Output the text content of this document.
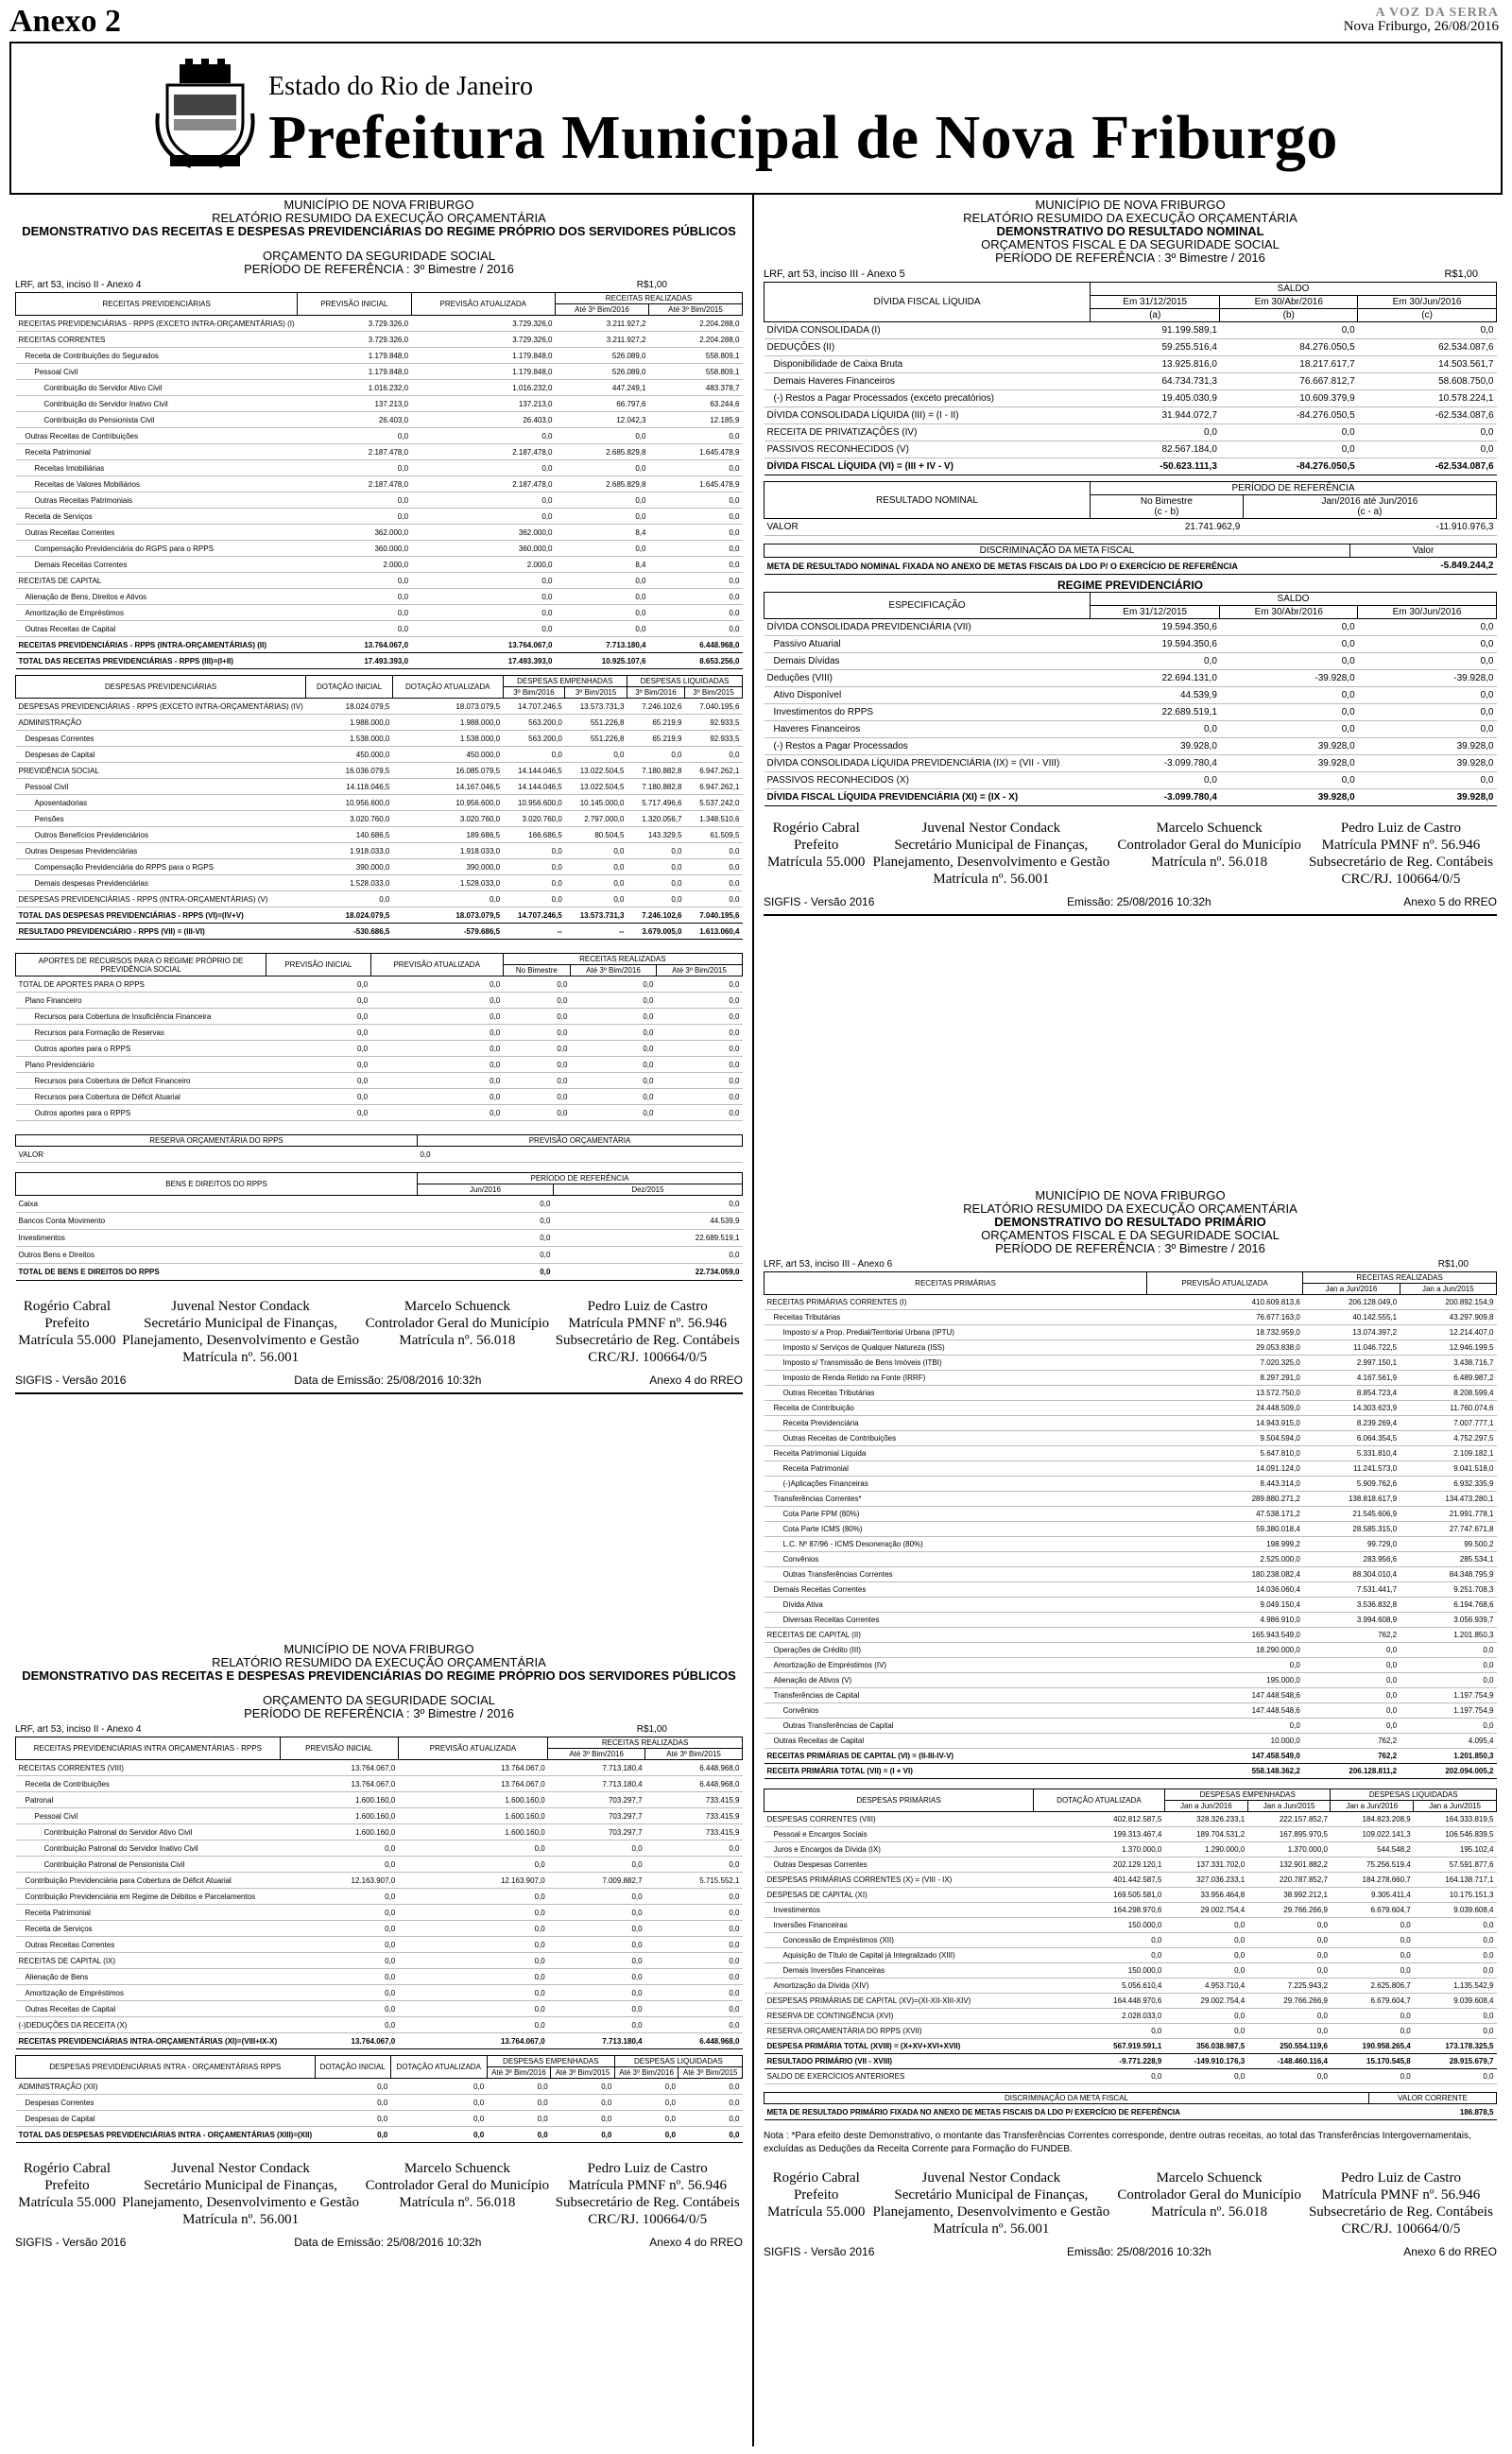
Anexo 2	A VOZ DA SERRA
Nova Friburgo, 26/08/2016
Estado do Rio de Janeiro
Prefeitura Municipal de Nova Friburgo
MUNICÍPIO DE NOVA FRIBURGO
RELATÓRIO RESUMIDO DA EXECUÇÃO ORÇAMENTÁRIA
DEMONSTRATIVO DAS RECEITAS E DESPESAS PREVIDENCIÁRIAS DO REGIME PRÓPRIO DOS SERVIDORES PÚBLICOS
ORÇAMENTO DA SEGURIDADE SOCIAL
PERÍODO DE REFERÊNCIA : 3º Bimestre / 2016
LRF, art 53, inciso II - Anexo 4	R$1,00
RECEITAS PREVIDENCIÁRIAS	PREVISÃO INICIAL	PREVISÃO ATUALIZADA	RECEITAS REALIZADAS	
			Até 3º Bim/2016	Até 3º Bim/2015
RECEITAS PREVIDENCIÁRIAS - RPPS (EXCETO INTRA-ORÇAMENTÁRIAS) (I)	3.729.326,0	3.729.326,0	3.211.927,2	2.204.288,0
RECEITAS CORRENTES	3.729.326,0	3.729.326,0	3.211.927,2	2.204.288,0
Receita de Contribuições do Segurados	1.179.848,0	1.179.848,0	526.089,0	558.809,1
Pessoal Civil	1.179.848,0	1.179.848,0	526.089,0	558.809,1
Contribuição do Servidor Ativo Civil	1.016.232,0	1.016.232,0	447.249,1	483.378,7
Contribuição do Servidor Inativo Civil	137.213,0	137.213,0	66.797,6	63.244,6
Contribuição do Pensionista Civil	26.403,0	26.403,0	12.042,3	12.185,9
Outras Receitas de Contribuições	0,0	0,0	0,0	0,0
Receita Patrimonial	2.187.478,0	2.187.478,0	2.685.829,8	1.645.478,9
Receitas Imobiliárias	0,0	0,0	0,0	0,0
Receitas de Valores Mobiliários	2.187.478,0	2.187.478,0	2.685.829,8	1.645.478,9
Outras Receitas Patrimoniais	0,0	0,0	0,0	0,0
Receita de Serviços	0,0	0,0	0,0	0,0
Outras Receitas Correntes	362.000,0	362.000,0	8,4	0,0
Compensação Previdenciária do RGPS para o RPPS	360.000,0	360.000,0	0,0	0,0
Demais Receitas Correntes	2.000,0	2.000,0	8,4	0,0
RECEITAS DE CAPITAL	0,0	0,0	0,0	0,0
Alienação de Bens, Direitos e Ativos	0,0	0,0	0,0	0,0
Amortização de Empréstimos	0,0	0,0	0,0	0,0
Outras Receitas de Capital	0,0	0,0	0,0	0,0
RECEITAS PREVIDENCIÁRIAS - RPPS (INTRA-ORÇAMENTÁRIAS) (II)	13.764.067,0	13.764.067,0	7.713.180,4	6.448.968,0
TOTAL DAS RECEITAS PREVIDENCIÁRIAS - RPPS (III)=(I+II)	17.493.393,0	17.493.393,0	10.925.107,6	8.653.256,0
DESPESAS PREVIDENCIÁRIAS	DOTAÇÃO INICIAL	DOTAÇÃO ATUALIZADA	DESPESAS EMPENHADAS		DESPESAS LIQUIDADAS	
			3º Bim/2016	3º Bim/2015	3º Bim/2016	3º Bim/2015
DESPESAS PREVIDENCIÁRIAS - RPPS (EXCETO INTRA-ORÇAMENTÁRIAS) (IV)	18.024.079,5	18.073.079,5	14.707.246,5	13.573.731,3	7.246.102,6	7.040.195,6
ADMINISTRAÇÃO	1.988.000,0	1.988.000,0	563.200,0	551.226,8	65.219,9	92.933,5
Despesas Correntes	1.538.000,0	1.538.000,0	563.200,0	551.226,8	65.219,9	92.933,5
Despesas de Capital	450.000,0	450.000,0	0,0	0,0	0,0	0,0
PREVIDÊNCIA SOCIAL	16.036.079,5	16.085.079,5	14.144.046,5	13.022.504,5	7.180.882,8	6.947.262,1
Pessoal Civil	14.118.046,5	14.167.046,5	14.144.046,5	13.022.504,5	7.180.882,8	6.947.262,1
Aposentadorias	10.956.600,0	10.956.600,0	10.956.600,0	10.145.000,0	5.717.496,6	5.537.242,0
Pensões	3.020.760,0	3.020.760,0	3.020.760,0	2.797.000,0	1.320.056,7	1.348.510,6
Outros Benefícios Previdenciários	140.686,5	189.686,5	166.686,5	80.504,5	143.329,5	61.509,5
Outras Despesas Previdenciárias	1.918.033,0	1.918.033,0	0,0	0,0	0,0	0,0
Compensação Previdenciária do RPPS para o RGPS	390.000,0	390.000,0	0,0	0,0	0,0	0,0
Demais despesas Previdenciárias	1.528.033,0	1.528.033,0	0,0	0,0	0,0	0,0
DESPESAS PREVIDENCIÁRIAS - RPPS (INTRA-ORÇAMENTÁRIAS) (V)	0,0	0,0	0,0	0,0	0,0	0,0
TOTAL DAS DESPESAS PREVIDENCIÁRIAS - RPPS (VI)=(IV+V)	18.024.079,5	18.073.079,5	14.707.246,5	13.573.731,3	7.246.102,6	7.040.195,6
RESULTADO PREVIDENCIÁRIO - RPPS (VII) = (III-VI)	-530.686,5	-579.686,5	--	--	3.679.005,0	1.613.060,4
APORTES DE RECURSOS PARA O REGIME PRÓPRIO DE PREVIDÊNCIA SOCIAL	PREVISÃO INICIAL	PREVISÃO ATUALIZADA	RECEITAS REALIZADAS		
			No Bimestre	Até 3º Bim/2016	Até 3º Bim/2015
TOTAL DE APORTES PARA O RPPS	0,0	0,0	0,0	0,0	0,0
Plano Financeiro	0,0	0,0	0,0	0,0	0,0
Recursos para Cobertura de Insuficiência Financeira	0,0	0,0	0,0	0,0	0,0
Recursos para Formação de Reservas	0,0	0,0	0,0	0,0	0,0
Outros aportes para o RPPS	0,0	0,0	0,0	0,0	0,0
Plano Previdenciário	0,0	0,0	0,0	0,0	0,0
Recursos para Cobertura de Déficit Financeiro	0,0	0,0	0,0	0,0	0,0
Recursos para Cobertura de Déficit Atuarial	0,0	0,0	0,0	0,0	0,0
Outros aportes para o RPPS	0,0	0,0	0,0	0,0	0,0
RESERVA ORÇAMENTÁRIA DO RPPS	PREVISÃO ORÇAMENTÁRIA
VALOR	0,0
BENS E DIREITOS DO RPPS	PERÍODO DE REFERÊNCIA	
	Jun/2016	Dez/2015
Caixa	0,0	0,0
Bancos Conta Movimento	0,0	44.539,9
Investimentos	0,0	22.689.519,1
Outros Bens e Direitos	0,0	0,0
TOTAL DE BENS E DIREITOS DO RPPS	0,0	22.734.059,0
Rogério Cabral
Prefeito
Matrícula 55.000
Juvenal Nestor Condack
Secretário Municipal de Finanças,
Planejamento, Desenvolvimento e Gestão
Matrícula nº. 56.001
Marcelo Schuenck
Controlador Geral do Município
Matrícula nº. 56.018
Pedro Luiz de Castro
Matrícula PMNF nº. 56.946
Subsecretário de Reg. Contábeis
CRC/RJ. 100664/0/5
SIGFIS - Versão 2016	Data de Emissão: 25/08/2016 10:32h	Anexo 4 do RREO
MUNICÍPIO DE NOVA FRIBURGO
RELATÓRIO RESUMIDO DA EXECUÇÃO ORÇAMENTÁRIA
DEMONSTRATIVO DAS RECEITAS E DESPESAS PREVIDENCIÁRIAS DO REGIME PRÓPRIO DOS SERVIDORES PÚBLICOS
ORÇAMENTO DA SEGURIDADE SOCIAL
PERÍODO DE REFERÊNCIA : 3º Bimestre / 2016
LRF, art 53, inciso II - Anexo 4	R$1,00
RECEITAS PREVIDENCIÁRIAS INTRA ORÇAMENTÁRIAS - RPPS	PREVISÃO INICIAL	PREVISÃO ATUALIZADA	RECEITAS REALIZADAS	
			Até 3º Bim/2016	Até 3º Bim/2015
RECEITAS CORRENTES (VIII)	13.764.067,0	13.764.067,0	7.713.180,4	6.448.968,0
Receita de Contribuições	13.764.067,0	13.764.067,0	7.713.180,4	6.448.968,0
Patronal	1.600.160,0	1.600.160,0	703.297,7	733.415,9
Pessoal Civil	1.600.160,0	1.600.160,0	703.297,7	733.415,9
Contribuição Patronal do Servidor Ativo Civil	1.600.160,0	1.600.160,0	703.297,7	733.415,9
Contribuição Patronal do Servidor Inativo Civil	0,0	0,0	0,0	0,0
Contribuição Patronal de Pensionista Civil	0,0	0,0	0,0	0,0
Contribuição Previdenciária para Cobertura de Déficit Atuarial	12.163.907,0	12.163.907,0	7.009.882,7	5.715.552,1
Contribuição Previdenciária em Regime de Débitos e Parcelamentos	0,0	0,0	0,0	0,0
Receita Patrimonial	0,0	0,0	0,0	0,0
Receita de Serviços	0,0	0,0	0,0	0,0
Outras Receitas Correntes	0,0	0,0	0,0	0,0
RECEITAS DE CAPITAL (IX)	0,0	0,0	0,0	0,0
Alienação de Bens	0,0	0,0	0,0	0,0
Amortização de Empréstimos	0,0	0,0	0,0	0,0
Outras Receitas de Capital	0,0	0,0	0,0	0,0
(-)DEDUÇÕES DA RECEITA (X)	0,0	0,0	0,0	0,0
RECEITAS PREVIDENCIÁRIAS INTRA-ORÇAMENTÁRIAS (XI)=(VIII+IX-X)	13.764.067,0	13.764.067,0	7.713.180,4	6.448.968,0
DESPESAS PREVIDENCIÁRIAS INTRA - ORÇAMENTÁRIAS RPPS	DOTAÇÃO INICIAL	DOTAÇÃO ATUALIZADA	DESPESAS EMPENHADAS		DESPESAS LIQUIDADAS	
			Até 3º Bim/2016	Até 3º Bim/2015	Até 3º Bim/2016	Até 3º Bim/2015
ADMINISTRAÇÃO (XII)	0,0	0,0	0,0	0,0	0,0	0,0
Despesas Correntes	0,0	0,0	0,0	0,0	0,0	0,0
Despesas de Capital	0,0	0,0	0,0	0,0	0,0	0,0
TOTAL DAS DESPESAS PREVIDENCIÁRIAS INTRA - ORÇAMENTÁRIAS (XIII)=(XII)	0,0	0,0	0,0	0,0	0,0	0,0
Rogério Cabral
Prefeito
Matrícula 55.000
Juvenal Nestor Condack
Secretário Municipal de Finanças,
Planejamento, Desenvolvimento e Gestão
Matrícula nº. 56.001
Marcelo Schuenck
Controlador Geral do Município
Matrícula nº. 56.018
Pedro Luiz de Castro
Matrícula PMNF nº. 56.946
Subsecretário de Reg. Contábeis
CRC/RJ. 100664/0/5
SIGFIS - Versão 2016	Data de Emissão: 25/08/2016 10:32h	Anexo 4 do RREO
MUNICÍPIO DE NOVA FRIBURGO
RELATÓRIO RESUMIDO DA EXECUÇÃO ORÇAMENTÁRIA
DEMONSTRATIVO DO RESULTADO NOMINAL
ORÇAMENTOS FISCAL E DA SEGURIDADE SOCIAL
PERÍODO DE REFERÊNCIA : 3º Bimestre / 2016
LRF, art 53, inciso III - Anexo 5	R$1,00
DÍVIDA FISCAL LÍQUIDA	SALDO		
	Em 31/12/2015	Em 30/Abr/2016	Em 30/Jun/2016
	(a)	(b)	(c)
DÍVIDA CONSOLIDADA (I)	91.199.589,1	0,0	0,0
DEDUÇÕES (II)	59.255.516,4	84.276.050,5	62.534.087,6
Disponibilidade de Caixa Bruta	13.925.816,0	18.217.617,7	14.503.561,7
Demais Haveres Financeiros	64.734.731,3	76.667.812,7	58.608.750,0
(-) Restos a Pagar Processados (exceto precatórios)	19.405.030,9	10.609.379,9	10.578.224,1
DÍVIDA CONSOLIDADA LÍQUIDA (III) = (I - II)	31.944.072,7	-84.276.050,5	-62.534.087,6
RECEITA DE PRIVATIZAÇÕES (IV)	0,0	0,0	0,0
PASSIVOS RECONHECIDOS (V)	82.567.184,0	0,0	0,0
DÍVIDA FISCAL LÍQUIDA (VI) = (III + IV - V)	-50.623.111,3	-84.276.050,5	-62.534.087,6
RESULTADO NOMINAL	PERÍODO DE REFERÊNCIA	
	No Bimestre
(c - b)	Jan/2016 até Jun/2016
(c - a)
VALOR	21.741.962,9	-11.910.976,3
DISCRIMINAÇÃO DA META FISCAL	Valor
META DE RESULTADO NOMINAL FIXADA NO ANEXO DE METAS FISCAIS DA LDO P/ O EXERCÍCIO DE REFERÊNCIA	-5.849.244,2
REGIME PREVIDENCIÁRIO
ESPECIFICAÇÃO	SALDO		
	Em 31/12/2015	Em 30/Abr/2016	Em 30/Jun/2016
DÍVIDA CONSOLIDADA PREVIDENCIÁRIA (VII)	19.594.350,6	0,0	0,0
Passivo Atuarial	19.594.350,6	0,0	0,0
Demais Dívidas	0,0	0,0	0,0
Deduções (VIII)	22.694.131,0	-39.928,0	-39.928,0
Ativo Disponível	44.539,9	0,0	0,0
Investimentos do RPPS	22.689.519,1	0,0	0,0
Haveres Financeiros	0,0	0,0	0,0
(-) Restos a Pagar Processados	39.928,0	39.928,0	39.928,0
DÍVIDA CONSOLIDADA LÍQUIDA PREVIDENCIÁRIA (IX) = (VII - VIII)	-3.099.780,4	39.928,0	39.928,0
PASSIVOS RECONHECIDOS (X)	0,0	0,0	0,0
DÍVIDA FISCAL LÍQUIDA PREVIDENCIÁRIA (XI) = (IX - X)	-3.099.780,4	39.928,0	39.928,0
Rogério Cabral
Prefeito
Matrícula 55.000
Juvenal Nestor Condack
Secretário Municipal de Finanças,
Planejamento, Desenvolvimento e Gestão
Matrícula nº. 56.001
Marcelo Schuenck
Controlador Geral do Município
Matrícula nº. 56.018
Pedro Luiz de Castro
Matrícula PMNF nº. 56.946
Subsecretário de Reg. Contábeis
CRC/RJ. 100664/0/5
SIGFIS - Versão 2016	Emissão: 25/08/2016 10:32h	Anexo 5 do RREO
MUNICÍPIO DE NOVA FRIBURGO
RELATÓRIO RESUMIDO DA EXECUÇÃO ORÇAMENTÁRIA
DEMONSTRATIVO DO RESULTADO PRIMÁRIO
ORÇAMENTOS FISCAL E DA SEGURIDADE SOCIAL
PERÍODO DE REFERÊNCIA : 3º Bimestre / 2016
LRF, art 53, inciso III - Anexo 6	R$1,00
RECEITAS PRIMÁRIAS	PREVISÃO ATUALIZADA	RECEITAS REALIZADAS	
		Jan a Jun/2016	Jan a Jun/2015
RECEITAS PRIMÁRIAS CORRENTES (I)	410.609.813,6	206.128.049,0	200.892.154,9
Receitas Tributárias	76.677.163,0	40.142.555,1	43.297.909,8
Imposto s/ a Prop. Predial/Territorial Urbana (IPTU)	18.732.959,0	13.074.397,2	12.214.407,0
Imposto s/ Serviços de Qualquer Natureza (ISS)	29.053.838,0	11.046.722,5	12.946.199,5
Imposto s/ Transmissão de Bens Imóveis (ITBI)	7.020.325,0	2.997.150,1	3.438.716,7
Imposto de Renda Retido na Fonte (IRRF)	8.297.291,0	4.167.561,9	6.489.987,2
Outras Receitas Tributárias	13.572.750,0	8.854.723,4	8.208.599,4
Receita de Contribuição	24.448.509,0	14.303.623,9	11.760.074,6
Receita Previdenciária	14.943.915,0	8.239.269,4	7.007.777,1
Outras Receitas de Contribuições	9.504.594,0	6.064.354,5	4.752.297,5
Receita Patrimonial Líquida	5.647.810,0	5.331.810,4	2.109.182,1
Receita Patrimonial	14.091.124,0	11.241.573,0	9.041.518,0
(-)Aplicações Financeiras	8.443.314,0	5.909.762,6	6.932.335,9
Transferências Correntes*	289.880.271,2	138.818.617,9	134.473.280,1
Cota Parte FPM (80%)	47.538.171,2	21.545.606,9	21.991.778,1
Cota Parte ICMS (80%)	59.380.018,4	28.585.315,0	27.747.671,8
L.C. Nº 87/96 - ICMS Desoneração (80%)	198.999,2	99.729,0	99.500,2
Convênios	2.525.000,0	283.956,6	285.534,1
Outras Transferências Correntes	180.238.082,4	88.304.010,4	84.348.795,9
Demais Receitas Correntes	14.036.060,4	7.531.441,7	9.251.708,3
Dívida Ativa	9.049.150,4	3.536.832,8	6.194.768,6
Diversas Receitas Correntes	4.986.910,0	3.994.608,9	3.056.939,7
RECEITAS DE CAPITAL (II)	165.943.549,0	762,2	1.201.850,3
Operações de Crédito (III)	18.290.000,0	0,0	0,0
Amortização de Empréstimos (IV)	0,0	0,0	0,0
Alienação de Ativos (V)	195.000,0	0,0	0,0
Transferências de Capital	147.448.548,6	0,0	1.197.754,9
Convênios	147.448.548,6	0,0	1.197.754,9
Outras Transferências de Capital	0,0	0,0	0,0
Outras Receitas de Capital	10.000,0	762,2	4.095,4
RECEITAS PRIMÁRIAS DE CAPITAL (VI) = (II-III-IV-V)	147.458.549,0	762,2	1.201.850,3
RECEITA PRIMÁRIA TOTAL (VII) = (I + VI)	558.148.362,2	206.128.811,2	202.094.005,2
DESPESAS PRIMÁRIAS	DOTAÇÃO ATUALIZADA	DESPESAS EMPENHADAS		DESPESAS LIQUIDADAS	
		Jan a Jun/2016	Jan a Jun/2015	Jan a Jun/2016	Jan a Jun/2015
DESPESAS CORRENTES (VIII)	402.812.587,5	328.326.233,1	222.157.852,7	184.823.208,9	164.333.819,5
Pessoal e Encargos Sociais	199.313.467,4	189.704.531,2	167.895.970,5	109.022.141,3	106.546.839,5
Juros e Encargos da Dívida (IX)	1.370.000,0	1.290.000,0	1.370.000,0	544.548,2	195.102,4
Outras Despesas Correntes	202.129.120,1	137.331.702,0	132.901.882,2	75.256.519,4	57.591.877,6
DESPESAS PRIMÁRIAS CORRENTES (X) = (VIII - IX)	401.442.587,5	327.036.233,1	220.787.852,7	184.278.660,7	164.138.717,1
DESPESAS DE CAPITAL (XI)	169.505.581,0	33.956.464,8	38.992.212,1	9.305.411,4	10.175.151,3
Investimentos	164.298.970,6	29.002.754,4	29.766.266,9	6.679.604,7	9.039.608,4
Inversões Financeiras	150.000,0	0,0	0,0	0,0	0,0
Concessão de Empréstimos (XII)	0,0	0,0	0,0	0,0	0,0
Aquisição de Título de Capital já Integralizado (XIII)	0,0	0,0	0,0	0,0	0,0
Demais Inversões Financeiras	150.000,0	0,0	0,0	0,0	0,0
Amortização da Dívida (XIV)	5.056.610,4	4.953.710,4	7.225.943,2	2.625.806,7	1.135.542,9
DESPESAS PRIMÁRIAS DE CAPITAL (XV)=(XI-XII-XIII-XIV)	164.448.970,6	29.002.754,4	29.766.266,9	6.679.604,7	9.039.608,4
RESERVA DE CONTINGÊNCIA (XVI)	2.028.033,0	0,0	0,0	0,0	0,0
RESERVA ORÇAMENTÁRIA DO RPPS (XVII)	0,0	0,0	0,0	0,0	0,0
DESPESA PRIMÁRIA TOTAL (XVIII) = (X+XV+XVI+XVII)	567.919.591,1	356.038.987,5	250.554.119,6	190.958.265,4	173.178.325,5
RESULTADO PRIMÁRIO (VII - XVIII)	-9.771.228,9	-149.910.176,3	-148.460.116,4	15.170.545,8	28.915.679,7
SALDO DE EXERCÍCIOS ANTERIORES	0,0	0,0	0,0	0,0	0,0
DISCRIMINAÇÃO DA META FISCAL	VALOR CORRENTE
META DE RESULTADO PRIMÁRIO FIXADA NO ANEXO DE METAS FISCAIS DA LDO P/ EXERCÍCIO DE REFERÊNCIA	186.878,5
Nota : *Para efeito deste Demonstrativo, o montante das Transferências Correntes corresponde, dentre outras receitas, ao total das Transferências Intergovernamentais, excluídas as Deduções da Receita Corrente para Formação do FUNDEB.
Rogério Cabral
Prefeito
Matrícula 55.000
Juvenal Nestor Condack
Secretário Municipal de Finanças,
Planejamento, Desenvolvimento e Gestão
Matrícula nº. 56.001
Marcelo Schuenck
Controlador Geral do Município
Matrícula nº. 56.018
Pedro Luiz de Castro
Matrícula PMNF nº. 56.946
Subsecretário de Reg. Contábeis
CRC/RJ. 100664/0/5
SIGFIS - Versão 2016	Emissão: 25/08/2016 10:32h	Anexo 6 do RREO
